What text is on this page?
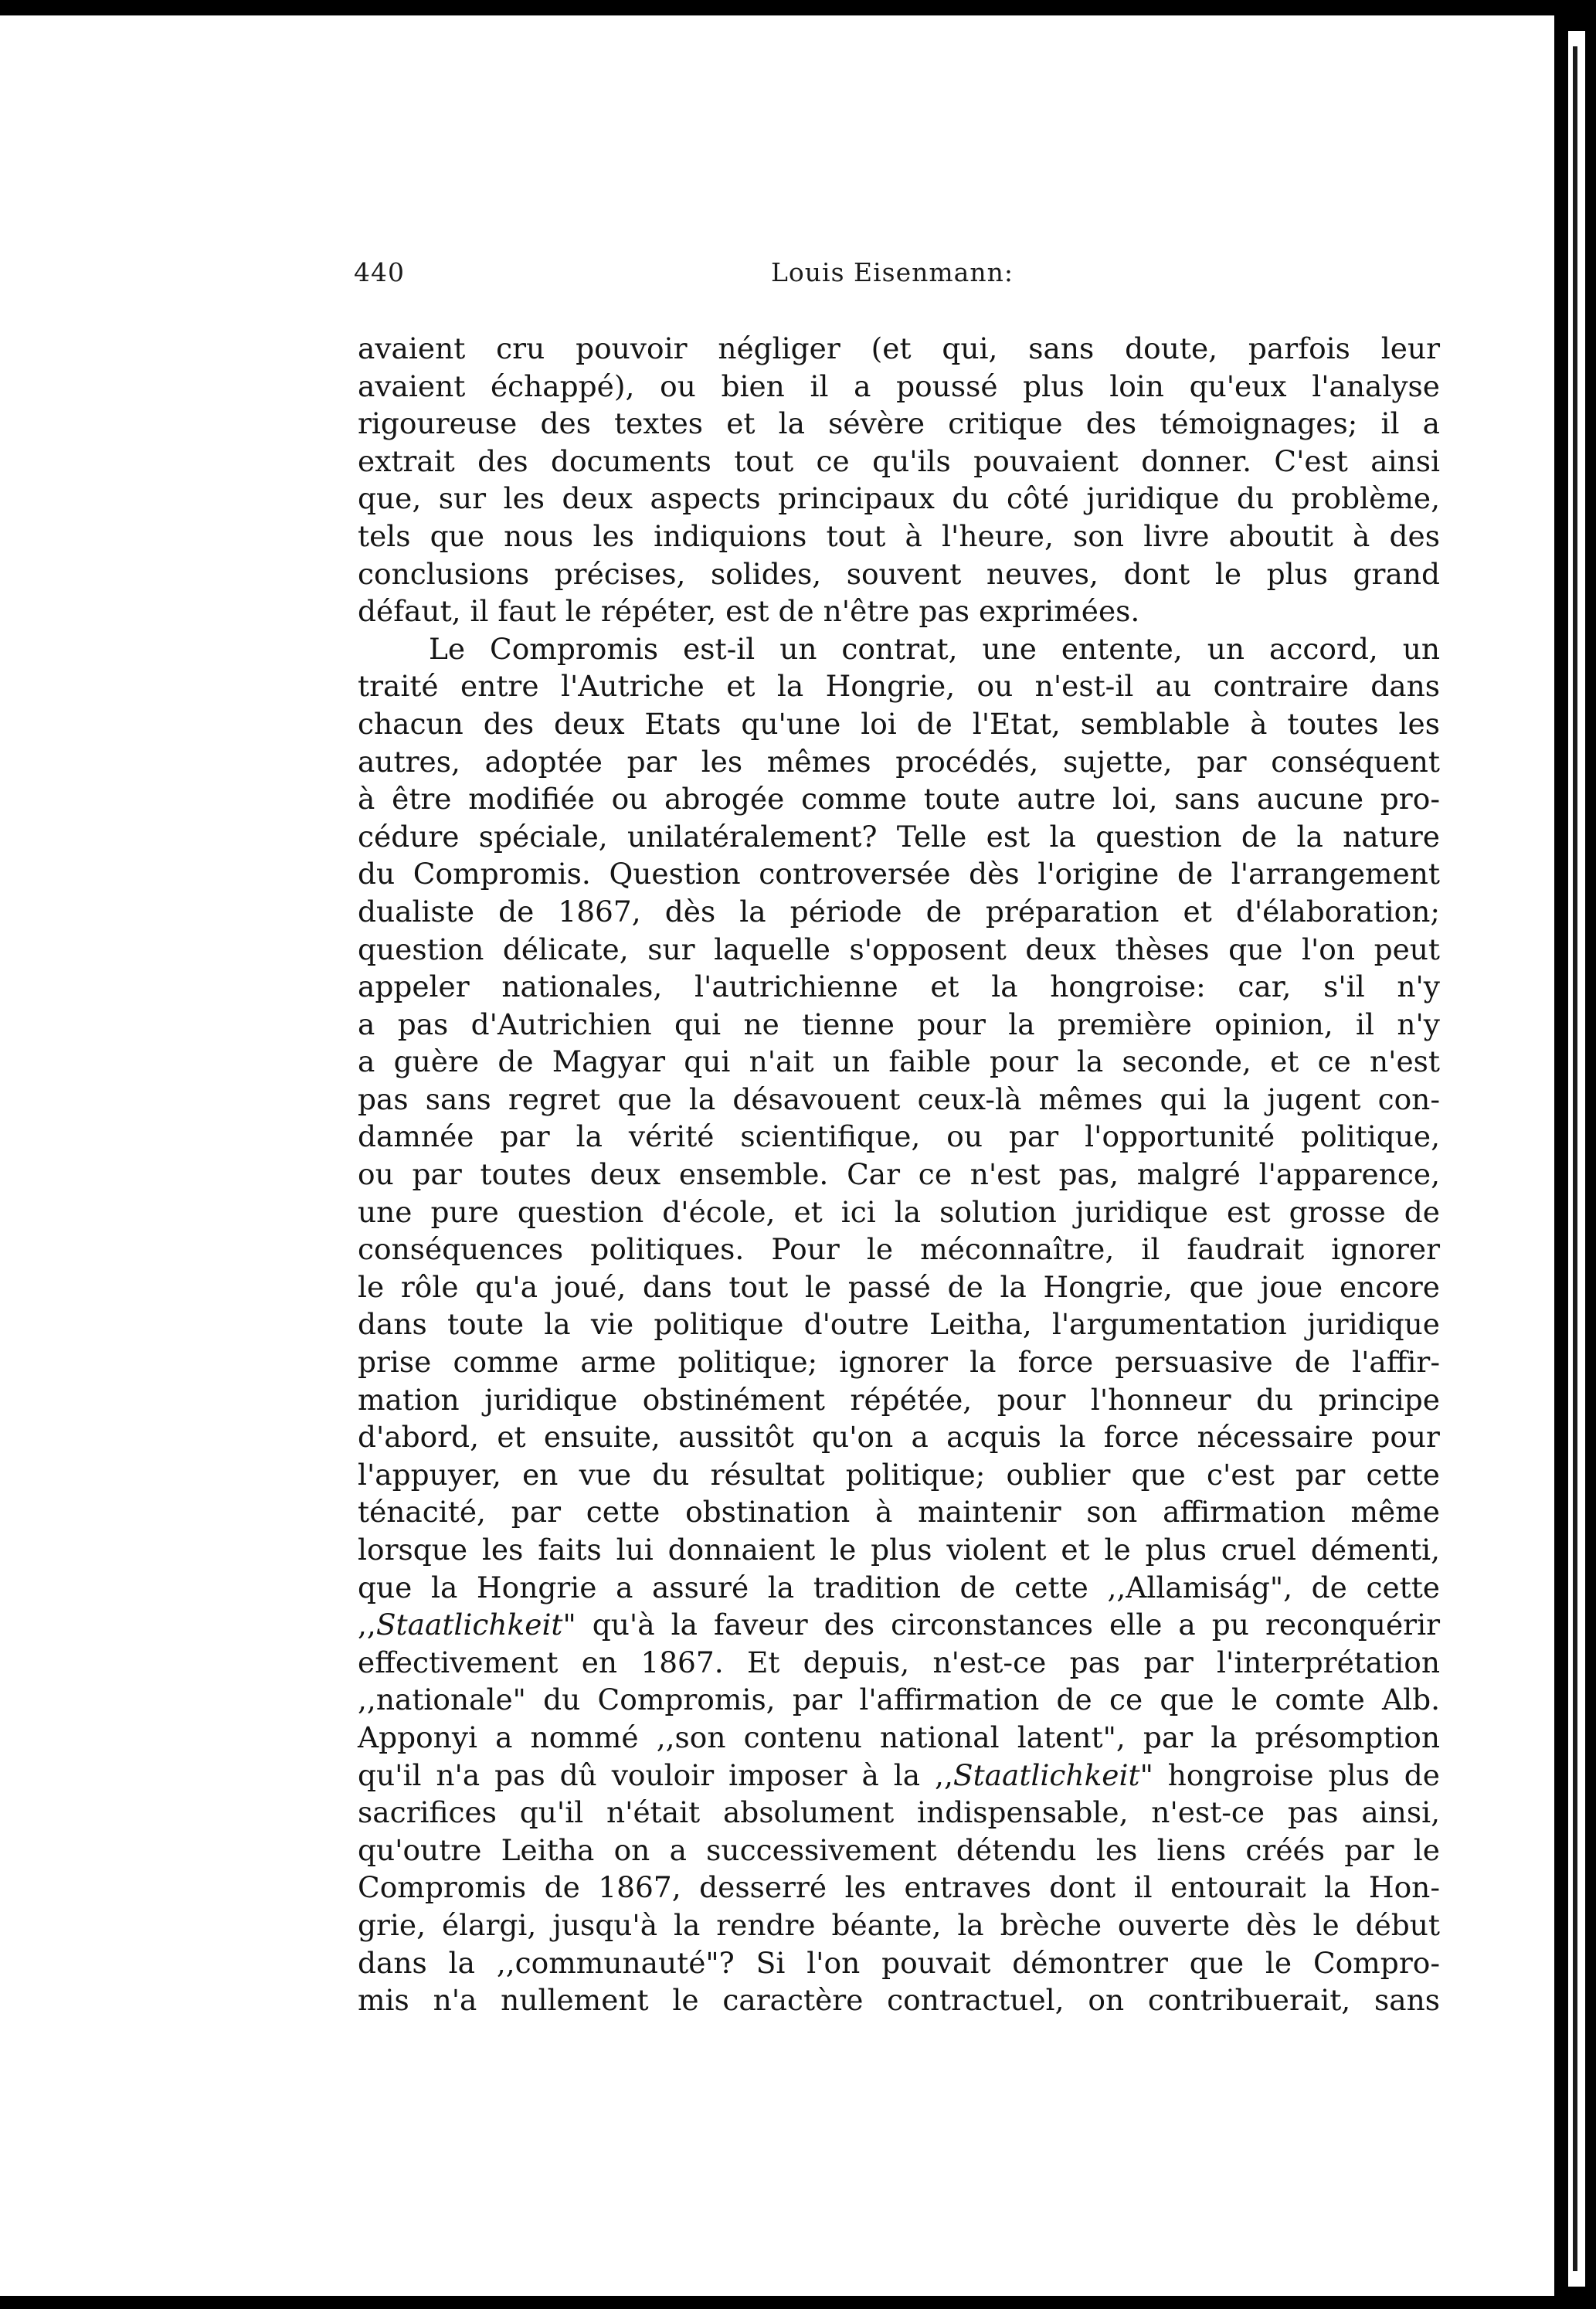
440	Louis Eisenmann:
avaient cru pouvoir négliger (et qui, sans doute, parfois leur
avaient échappé), ou bien il a poussé plus loin qu'eux l'analyse
rigoureuse des textes et la sévère critique des témoignages; il a
extrait des documents tout ce qu'ils pouvaient donner. C'est ainsi
que, sur les deux aspects principaux du côté juridique du problème,
tels que nous les indiquions tout à l'heure, son livre aboutit à des
conclusions précises, solides, souvent neuves, dont le plus grand
défaut, il faut le répéter, est de n'être pas exprimées.
Le Compromis est-il un contrat, une entente, un accord, un
traité entre l'Autriche et la Hongrie, ou n'est-il au contraire dans
chacun des deux Etats qu'une loi de l'Etat, semblable à toutes les
autres, adoptée par les mêmes procédés, sujette, par conséquent
à être modifiée ou abrogée comme toute autre loi, sans aucune pro-
cédure spéciale, unilatéralement? Telle est la question de la nature
du Compromis. Question controversée dès l'origine de l'arrangement
dualiste de 1867, dès la période de préparation et d'élaboration;
question délicate, sur laquelle s'opposent deux thèses que l'on peut
appeler nationales, l'autrichienne et la hongroise: car, s'il n'y
a pas d'Autrichien qui ne tienne pour la première opinion, il n'y
a guère de Magyar qui n'ait un faible pour la seconde, et ce n'est
pas sans regret que la désavouent ceux-là mêmes qui la jugent con-
damnée par la vérité scientifique, ou par l'opportunité politique,
ou par toutes deux ensemble. Car ce n'est pas, malgré l'apparence,
une pure question d'école, et ici la solution juridique est grosse de
conséquences politiques. Pour le méconnaître, il faudrait ignorer
le rôle qu'a joué, dans tout le passé de la Hongrie, que joue encore
dans toute la vie politique d'outre Leitha, l'argumentation juridique
prise comme arme politique; ignorer la force persuasive de l'affir-
mation juridique obstinément répétée, pour l'honneur du principe
d'abord, et ensuite, aussitôt qu'on a acquis la force nécessaire pour
l'appuyer, en vue du résultat politique; oublier que c'est par cette
ténacité, par cette obstination à maintenir son affirmation même
lorsque les faits lui donnaient le plus violent et le plus cruel démenti,
que la Hongrie a assuré la tradition de cette ,,Allamiság", de cette
,,Staatlichkeit" qu'à la faveur des circonstances elle a pu reconquérir
effectivement en 1867. Et depuis, n'est-ce pas par l'interprétation
,,nationale" du Compromis, par l'affirmation de ce que le comte Alb.
Apponyi a nommé ,,son contenu national latent", par la présomption
qu'il n'a pas dû vouloir imposer à la ,,Staatlichkeit" hongroise plus de
sacrifices qu'il n'était absolument indispensable, n'est-ce pas ainsi,
qu'outre Leitha on a successivement détendu les liens créés par le
Compromis de 1867, desserré les entraves dont il entourait la Hon-
grie, élargi, jusqu'à la rendre béante, la brèche ouverte dès le début
dans la ,,communauté"? Si l'on pouvait démontrer que le Compro-
mis n'a nullement le caractère contractuel, on contribuerait, sans
